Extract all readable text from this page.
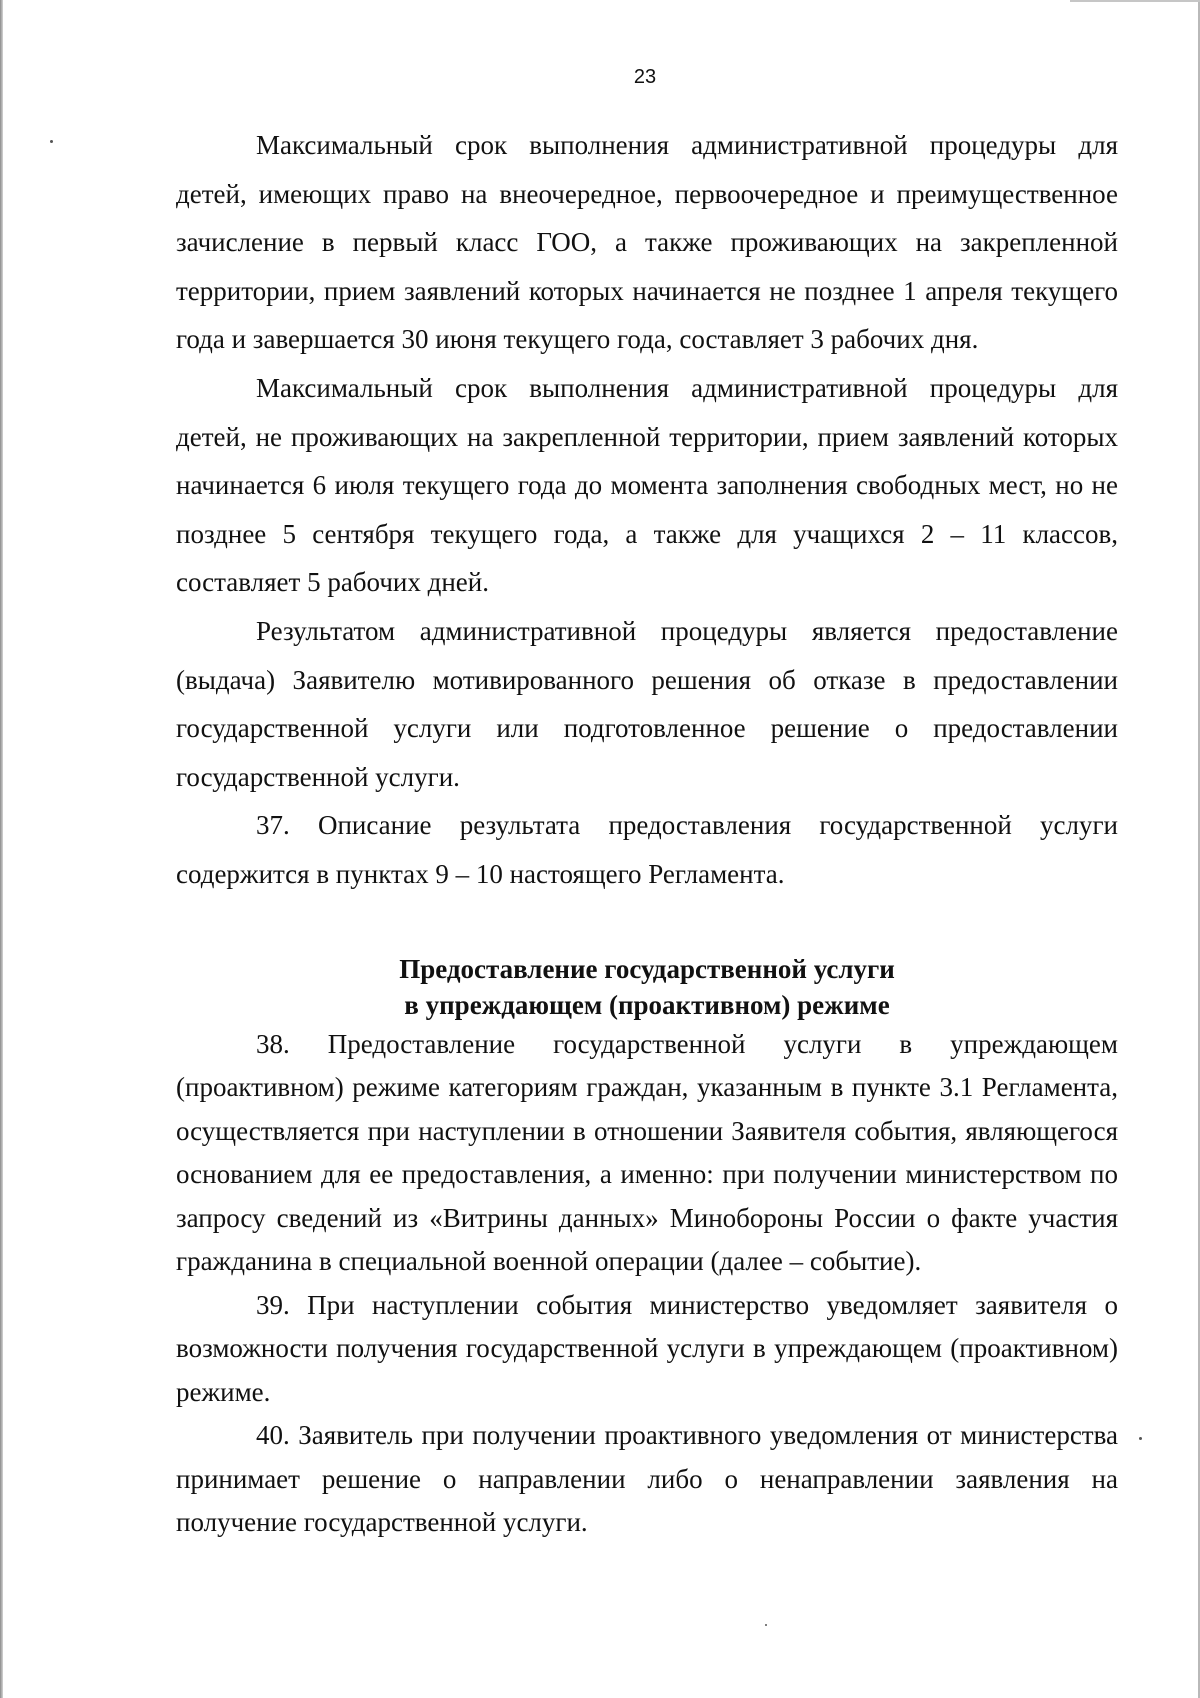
23

Максимальный срок выполнения административной процедуры для детей, имеющих право на внеочередное, первоочередное и преимущественное зачисление в первый класс ГОО, а также проживающих на закрепленной территории, прием заявлений которых начинается не позднее 1 апреля текущего года и завершается 30 июня текущего года, составляет 3 рабочих дня.

Максимальный срок выполнения административной процедуры для детей, не проживающих на закрепленной территории, прием заявлений которых начинается 6 июля текущего года до момента заполнения свободных мест, но не позднее 5 сентября текущего года, а также для учащихся 2 – 11 классов, составляет 5 рабочих дней.

Результатом административной процедуры является предоставление (выдача) Заявителю мотивированного решения об отказе в предоставлении государственной услуги или подготовленное решение о предоставлении государственной услуги.

37. Описание результата предоставления государственной услуги содержится в пунктах 9 – 10 настоящего Регламента.

Предоставление государственной услуги
в упреждающем (проактивном) режиме

38. Предоставление государственной услуги в упреждающем (проактивном) режиме категориям граждан, указанным в пункте 3.1 Регламента, осуществляется при наступлении в отношении Заявителя события, являющегося основанием для ее предоставления, а именно: при получении министерством по запросу сведений из «Витрины данных» Минобороны России о факте участия гражданина в специальной военной операции (далее – событие).

39. При наступлении события министерство уведомляет заявителя о возможности получения государственной услуги в упреждающем (проактивном) режиме.

40. Заявитель при получении проактивного уведомления от министерства принимает решение о направлении либо о ненаправлении заявления на получение государственной услуги.
